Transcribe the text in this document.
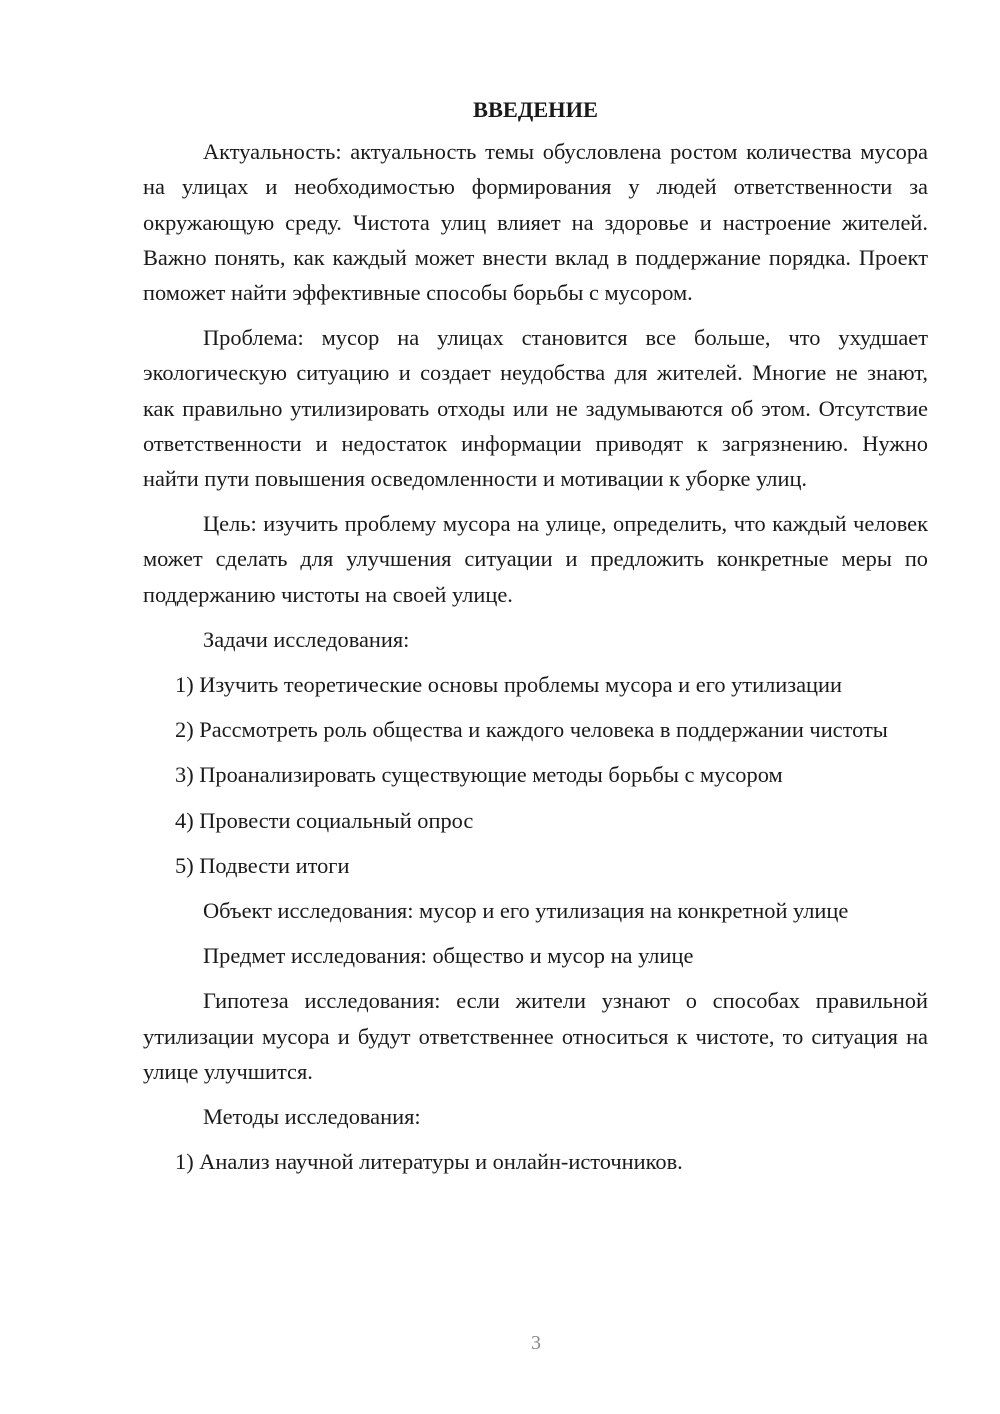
ВВЕДЕНИЕ

Актуальность: актуальность темы обусловлена ростом количества мусора на улицах и необходимостью формирования у людей ответственности за окружающую среду. Чистота улиц влияет на здоровье и настроение жителей. Важно понять, как каждый может внести вклад в поддержание порядка. Проект поможет найти эффективные способы борьбы с мусором.

Проблема: мусор на улицах становится все больше, что ухудшает экологическую ситуацию и создает неудобства для жителей. Многие не знают, как правильно утилизировать отходы или не задумываются об этом. Отсутствие ответственности и недостаток информации приводят к загрязнению. Нужно найти пути повышения осведомленности и мотивации к уборке улиц.

Цель: изучить проблему мусора на улице, определить, что каждый человек может сделать для улучшения ситуации и предложить конкретные меры по поддержанию чистоты на своей улице.

Задачи исследования:

1) Изучить теоретические основы проблемы мусора и его утилизации

2) Рассмотреть роль общества и каждого человека в поддержании чистоты

3) Проанализировать существующие методы борьбы с мусором

4) Провести социальный опрос

5) Подвести итоги

Объект исследования: мусор и его утилизация на конкретной улице

Предмет исследования: общество и мусор на улице

Гипотеза исследования: если жители узнают о способах правильной утилизации мусора и будут ответственнее относиться к чистоте, то ситуация на улице улучшится.

Методы исследования:

1) Анализ научной литературы и онлайн-источников.

3
